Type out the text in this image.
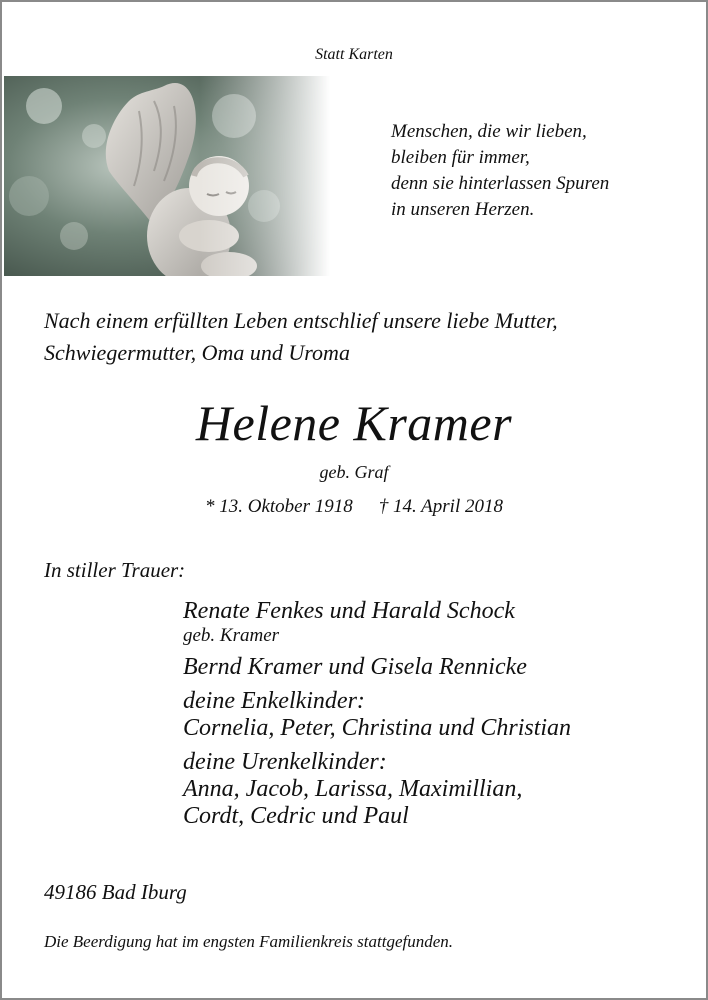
Statt Karten
Menschen, die wir lieben,
bleiben für immer,
denn sie hinterlassen Spuren
in unseren Herzen.
Nach einem erfüllten Leben entschlief unsere liebe Mutter,
Schwiegermutter, Oma und Uroma
Helene Kramer
geb. Graf
* 13. Oktober 1918 † 14. April 2018
In stiller Trauer:
Renate Fenkes und Harald Schock
geb. Kramer
Bernd Kramer und Gisela Rennicke
deine Enkelkinder:
Cornelia, Peter, Christina und Christian
deine Urenkelkinder:
Anna, Jacob, Larissa, Maximillian,
Cordt, Cedric und Paul
49186 Bad Iburg
Die Beerdigung hat im engsten Familienkreis stattgefunden.
